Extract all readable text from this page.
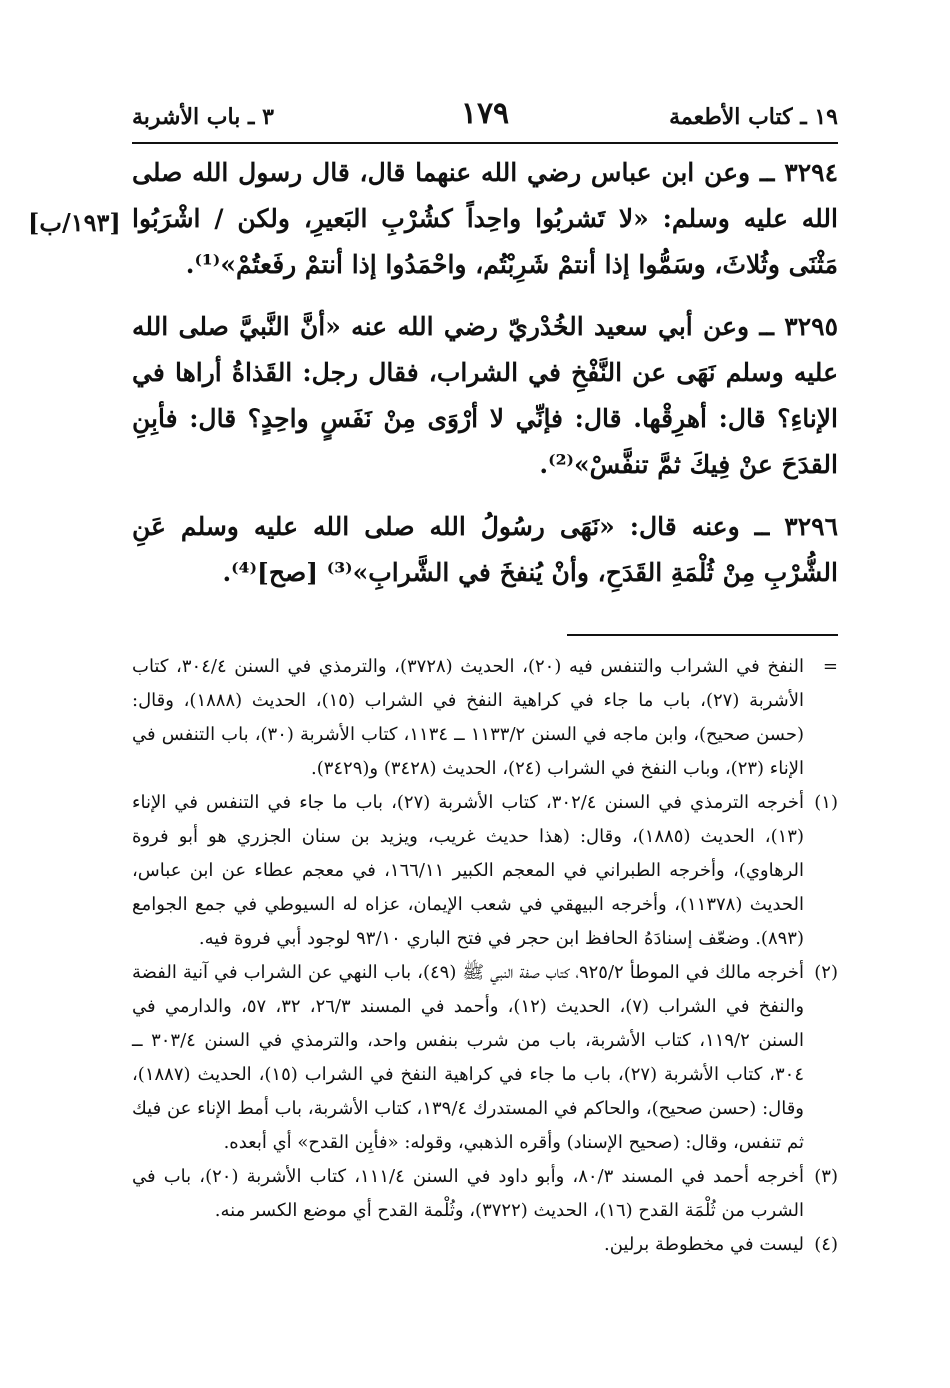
١٩ ـ كتاب الأطعمة
١٧٩
٣ ـ باب الأشربة
[١٩٣/ب]

٣٢٩٤ ــ وعن ابن عباس رضي الله عنهما قال، قال رسول الله صلى الله عليه وسلم: «لا تَشربُوا واحِداً كشُرْبِ البَعيرِ، ولكن / اشْرَبُوا مَثْنَى وثُلاثَ، وسَمُّوا إذا أنتمْ شَرِبْتُم، واحْمَدُوا إذا أنتمْ رفَعتُمْ»⁽¹⁾.

٣٢٩٥ ــ وعن أبي سعيد الخُدْريّ رضي الله عنه «أنَّ النَّبيَّ صلى الله عليه وسلم نَهَى عن النَّفْخِ في الشراب، فقال رجل: القَذاةُ أراها في الإناءِ؟ قال: أهرِقْها. قال: فإنِّي لا أرْوَى مِنْ نَفَسٍ واحِدٍ؟ قال: فأبِنِ القدَحَ عنْ فِيكَ ثمَّ تنفَّسْ»⁽²⁾.

٣٢٩٦ ــ وعنه قال: «نَهَى رسُولُ الله صلى الله عليه وسلم عَنِ الشُّرْبِ مِنْ ثُلْمَةِ القَدَحِ، وأنْ يُنفخَ في الشَّرابِ»⁽³⁾ [صح]⁽⁴⁾.

=
النفخ في الشراب والتنفس فيه (٢٠)، الحديث (٣٧٢٨)، والترمذي في السنن ٣٠٤/٤، كتاب الأشربة (٢٧)، باب ما جاء في كراهية النفخ في الشراب (١٥)، الحديث (١٨٨٨)، وقال: (حسن صحيح)، وابن ماجه في السنن ١١٣٣/٢ ــ ١١٣٤، كتاب الأشربة (٣٠)، باب التنفس في الإناء (٢٣)، وباب النفخ في الشراب (٢٤)، الحديث (٣٤٢٨) و(٣٤٢٩).

(١)
أخرجه الترمذي في السنن ٣٠٢/٤، كتاب الأشربة (٢٧)، باب ما جاء في التنفس في الإناء (١٣)، الحديث (١٨٨٥)، وقال: (هذا حديث غريب، ويزيد بن سنان الجزري هو أبو فروة الرهاوي)، وأخرجه الطبراني في المعجم الكبير ١٦٦/١١، في معجم عطاء عن ابن عباس، الحديث (١١٣٧٨)، وأخرجه البيهقي في شعب الإيمان، عزاه له السيوطي في جمع الجوامع (٨٩٣). وضعّف إسنادَهُ الحافظ ابن حجر في فتح الباري ٩٣/١٠ لوجود أبي فروة فيه.

(٢)
أخرجه مالك في الموطأ ٩٢٥/٢، كتاب صفة النبي ﷺ (٤٩)، باب النهي عن الشراب في آنية الفضة والنفخ في الشراب (٧)، الحديث (١٢)، وأحمد في المسند ٢٦/٣، ٣٢، ٥٧، والدارمي في السنن ١١٩/٢، كتاب الأشربة، باب من شرب بنفس واحد، والترمذي في السنن ٣٠٣/٤ ــ ٣٠٤، كتاب الأشربة (٢٧)، باب ما جاء في كراهية النفخ في الشراب (١٥)، الحديث (١٨٨٧)، وقال: (حسن صحيح)، والحاكم في المستدرك ١٣٩/٤، كتاب الأشربة، باب أمط الإناء عن فيك ثم تنفس، وقال: (صحيح الإسناد) وأقره الذهبي، وقوله: «فأبِن القدح» أي أبعده.

(٣)
أخرجه أحمد في المسند ٨٠/٣، وأبو داود في السنن ١١١/٤، كتاب الأشربة (٢٠)، باب في الشرب من ثُلْمَة القدح (١٦)، الحديث (٣٧٢٢)، وثُلْمة القدح أي موضع الكسر منه.

(٤)
ليست في مخطوطة برلين.
